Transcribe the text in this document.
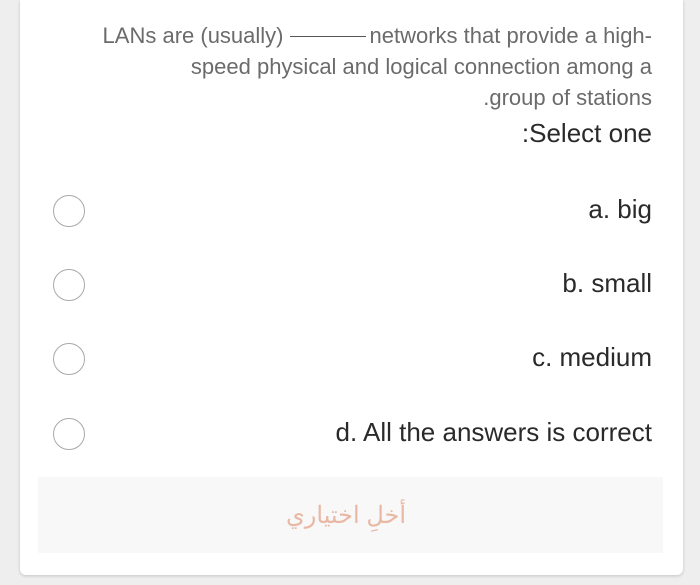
LANs are (usually)	networks that provide a high-speed physical and logical connection among a
.group of stations
:Select one
a. big
b. small
c. medium
d. All the answers is correct
أخلِ اختياري
